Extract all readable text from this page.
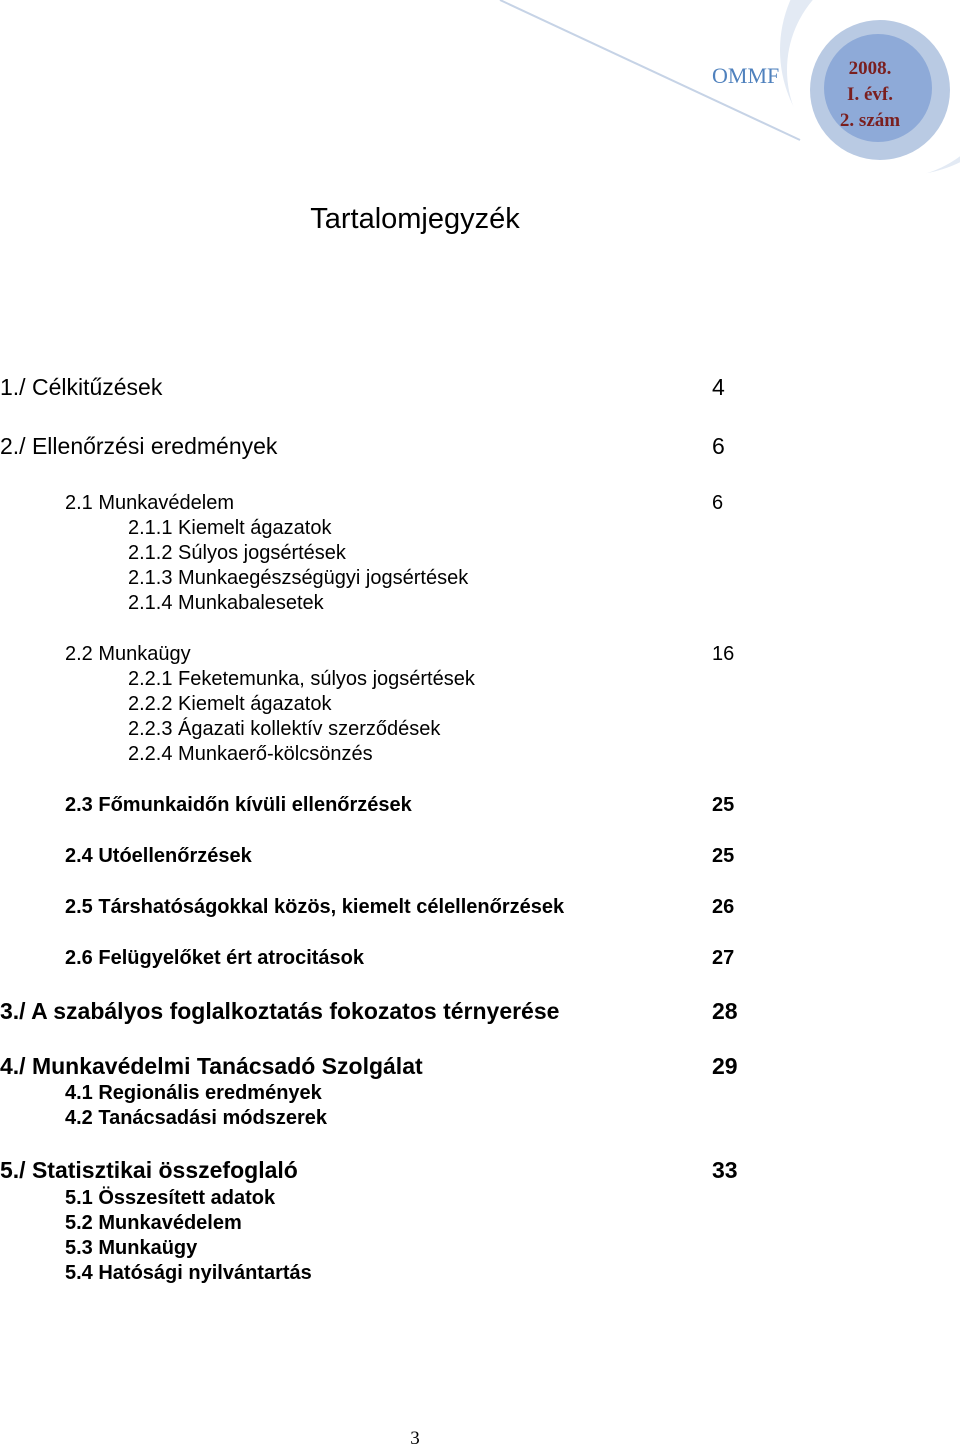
OMMF	2008.
I. évf.
2. szám
Tartalomjegyzék
1./ Célkitűzések	4
2./ Ellenőrzési eredmények	6
2.1 Munkavédelem	6
2.1.1 Kiemelt ágazatok
2.1.2 Súlyos jogsértések
2.1.3 Munkaegészségügyi jogsértések
2.1.4 Munkabalesetek
2.2 Munkaügy	16
2.2.1 Feketemunka, súlyos jogsértések
2.2.2 Kiemelt ágazatok
2.2.3 Ágazati kollektív szerződések
2.2.4 Munkaerő-kölcsönzés
2.3 Főmunkaidőn kívüli ellenőrzések	25
2.4 Utóellenőrzések	25
2.5 Társhatóságokkal közös, kiemelt célellenőrzések	26
2.6 Felügyelőket ért atrocitások	27
3./ A szabályos foglalkoztatás fokozatos térnyerése	28
4./ Munkavédelmi Tanácsadó Szolgálat	29
4.1 Regionális eredmények
4.2 Tanácsadási módszerek
5./ Statisztikai összefoglaló	33
5.1 Összesített adatok
5.2 Munkavédelem
5.3 Munkaügy
5.4 Hatósági nyilvántartás
3
